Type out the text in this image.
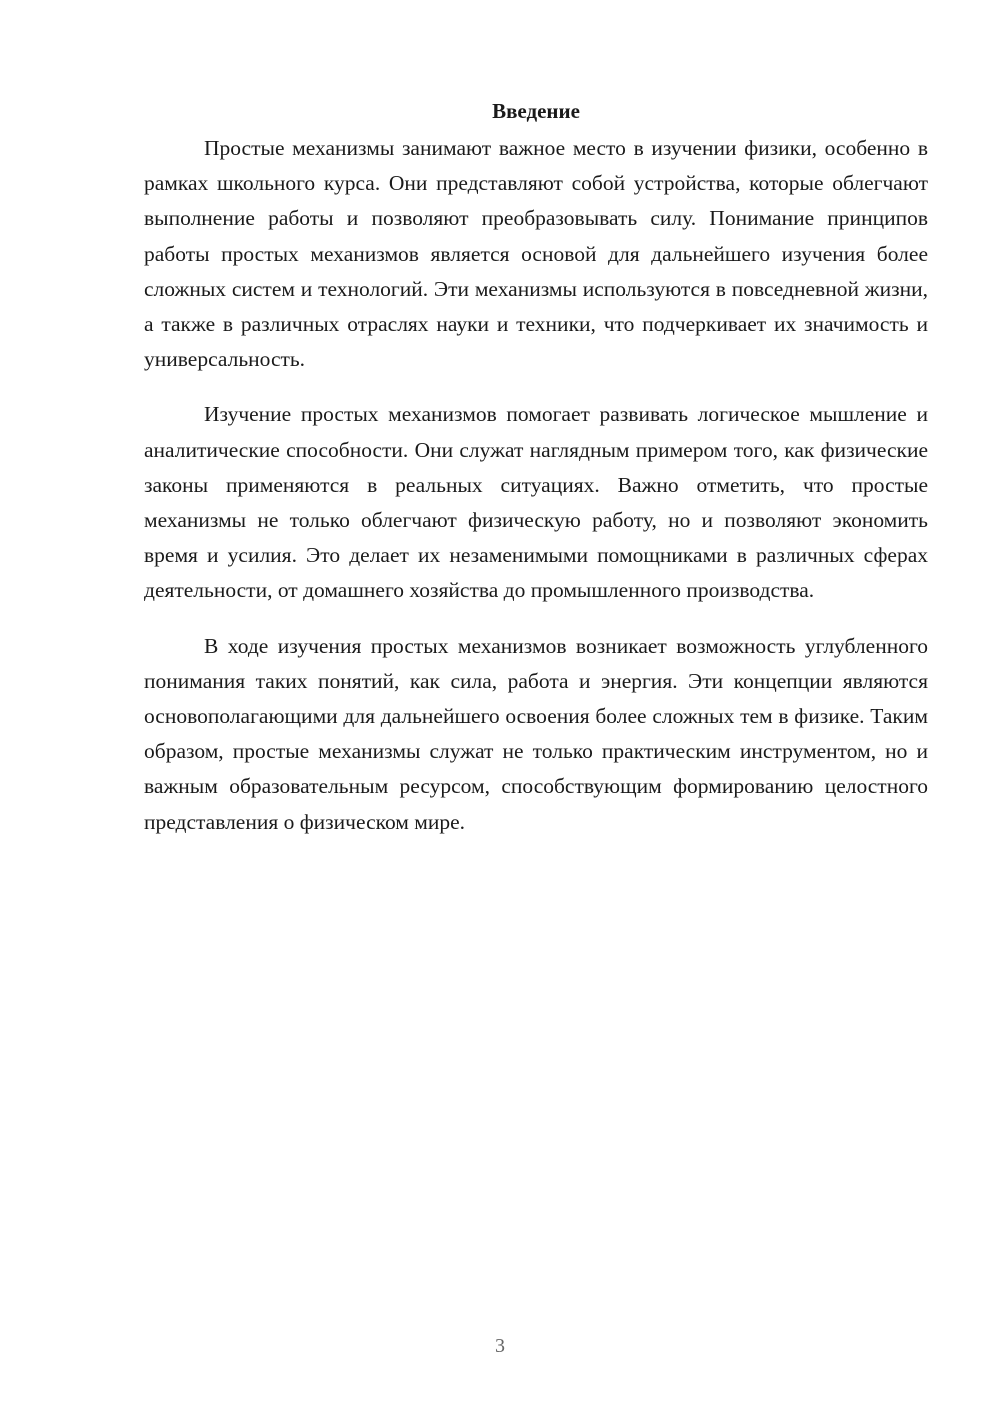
Введение

Простые механизмы занимают важное место в изучении физики, особенно в рамках школьного курса. Они представляют собой устройства, которые облегчают выполнение работы и позволяют преобразовывать силу. Понимание принципов работы простых механизмов является основой для дальнейшего изучения более сложных систем и технологий. Эти механизмы используются в повседневной жизни, а также в различных отраслях науки и техники, что подчеркивает их значимость и универсальность.

Изучение простых механизмов помогает развивать логическое мышление и аналитические способности. Они служат наглядным примером того, как физические законы применяются в реальных ситуациях. Важно отметить, что простые механизмы не только облегчают физическую работу, но и позволяют экономить время и усилия. Это делает их незаменимыми помощниками в различных сферах деятельности, от домашнего хозяйства до промышленного производства.

В ходе изучения простых механизмов возникает возможность углубленного понимания таких понятий, как сила, работа и энергия. Эти концепции являются основополагающими для дальнейшего освоения более сложных тем в физике. Таким образом, простые механизмы служат не только практическим инструментом, но и важным образовательным ресурсом, способствующим формированию целостного представления о физическом мире.

3
